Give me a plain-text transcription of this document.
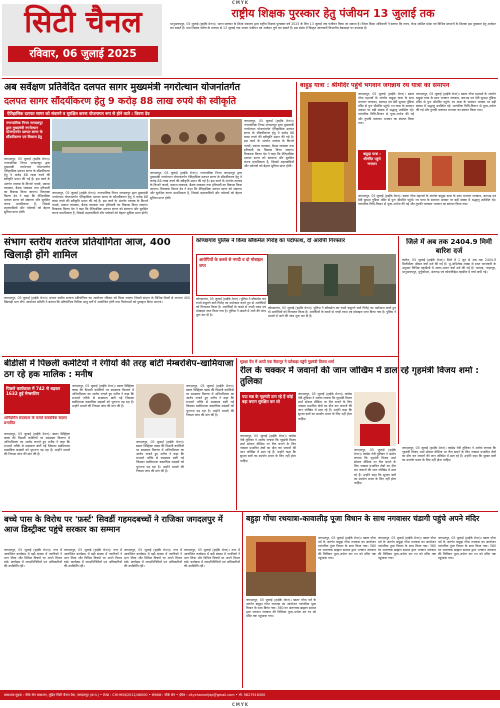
CMYK
सिटी चैनल
रविवार, 06 जुलाई 2025
राष्ट्रीय शिक्षक पुरस्कार हेतु पंजीयन 13 जुलाई तक
भानुप्रतापपुर, 05 जुलाई (हाईके मेनन)। भारत सरकार के शिक्षा मंत्रालय द्वारा राष्ट्रीय शिक्षक पुरस्कार वर्ष 2025 के लिए 13 जुलाई तक पंजीयन किया जा सकता है। जिला शिक्षा अधिकारी ने बताया कि राज्य, केन्द्र शासित प्रदेश एवं विभिन्न संगठनों के शिक्षक इस पुरस्कार हेतु आवेदन कर सकते हैं। पात्र शिक्षक पोर्टल के माध्यम से 13 जुलाई तक अपना पंजीयन एवं आवेदन पूर्ण कर सकते हैं। इस संबंध में विस्तृत जानकारी विभागीय वेबसाइट पर उपलब्ध है।
अब सर्वेक्षण प्रतिवेदित दलपत सागर मुख्यमंत्री नगरोत्थान योजनांतर्गत
दलपत सागर सौंदर्यीकरण हेतु 9 करोड़ 88 लाख रुपये की स्वीकृति
ऐतिहासिक दलपत सागर को संवारने व सुरक्षित करना योजनागत रूप से होने वाले : किरण देव
नगरपालिक निगम जगदलपुर द्वारा मुख्यमंत्री नगरोत्थान योजनांतर्गत दलपत सागर के सौंदर्यीकरण एवं विकास हेतु
जगदलपुर, 05 जुलाई (हाईके मेनन)। नगरपालिक निगम जगदलपुर द्वारा मुख्यमंत्री नगरोत्थान योजनांतर्गत ऐतिहासिक दलपत सागर के सौंदर्यीकरण हेतु 9 करोड़ 88 लाख रुपये की स्वीकृति प्रदान की गई है। इस कार्य के अंतर्गत तालाब के किनारे पाथवे, प्रकाश व्यवस्था, बैठक व्यवस्था तथा हरियाली का विकास किया जाएगा। विधायक किरण देव ने कहा कि ऐतिहासिक दलपत सागर को संवारना और सुरक्षित करना प्राथमिकता है, जिससे शहरवासियों और पर्यटकों को बेहतर सुविधा प्राप्त होगी।
जगदलपुर, 05 जुलाई (हाईके मेनन)। नगरपालिक निगम जगदलपुर द्वारा मुख्यमंत्री नगरोत्थान योजनांतर्गत ऐतिहासिक दलपत सागर के सौंदर्यीकरण हेतु 9 करोड़ 88 लाख रुपये की स्वीकृति प्रदान की गई है। इस कार्य के अंतर्गत तालाब के किनारे पाथवे, प्रकाश व्यवस्था, बैठक व्यवस्था तथा हरियाली का विकास किया जाएगा। विधायक किरण देव ने कहा कि ऐतिहासिक दलपत सागर को संवारना और सुरक्षित करना प्राथमिकता है, जिससे शहरवासियों और पर्यटकों को बेहतर सुविधा प्राप्त होगी।
जगदलपुर, 05 जुलाई (हाईके मेनन)। नगरपालिक निगम जगदलपुर द्वारा मुख्यमंत्री नगरोत्थान योजनांतर्गत ऐतिहासिक दलपत सागर के सौंदर्यीकरण हेतु 9 करोड़ 88 लाख रुपये की स्वीकृति प्रदान की गई है। इस कार्य के अंतर्गत तालाब के किनारे पाथवे, प्रकाश व्यवस्था, बैठक व्यवस्था तथा हरियाली का विकास किया जाएगा। विधायक किरण देव ने कहा कि ऐतिहासिक दलपत सागर को संवारना और सुरक्षित करना प्राथमिकता है, जिससे शहरवासियों और पर्यटकों को बेहतर सुविधा प्राप्त होगी।
जगदलपुर, 05 जुलाई (हाईके मेनन)। नगरपालिक निगम जगदलपुर द्वारा मुख्यमंत्री नगरोत्थान योजनांतर्गत ऐतिहासिक दलपत सागर के सौंदर्यीकरण हेतु 9 करोड़ 88 लाख रुपये की स्वीकृति प्रदान की गई है। इस कार्य के अंतर्गत तालाब के किनारे पाथवे, प्रकाश व्यवस्था, बैठक व्यवस्था तथा हरियाली का विकास किया जाएगा। विधायक किरण देव ने कहा कि ऐतिहासिक दलपत सागर को संवारना और सुरक्षित करना प्राथमिकता है, जिससे शहरवासियों और पर्यटकों को बेहतर सुविधा प्राप्त होगी।
बाहुड़ यात्रा : श्रीमंदिर पहुंचे भगवान जगन्नाथ रथ यात्रा का समापन
बाहुड़ा यात्रा : श्रीमंदिर पहुंचे भगवान
जगदलपुर, 05 जुलाई (हाईके मेनन)। बस्तर गोंचा महापर्व के अंतर्गत बाहुड़ा यात्रा के साथ भगवान जगन्नाथ, बलभद्र एवं देवी सुभद्रा गुंडिचा मंदिर से पुनः श्रीमंदिर पहुंचे। रथ यात्रा के समापन अवसर पर बड़ी संख्या में श्रद्धालु उपस्थित रहे। पारंपरिक विधि-विधान से पूजा-अर्चना की गई और तुपकी चलाकर भगवान का स्वागत किया गया।
जगदलपुर, 05 जुलाई (हाईके मेनन)। बस्तर गोंचा महापर्व के अंतर्गत बाहुड़ा यात्रा के साथ भगवान जगन्नाथ, बलभद्र एवं देवी सुभद्रा गुंडिचा मंदिर से पुनः श्रीमंदिर पहुंचे। रथ यात्रा के समापन अवसर पर बड़ी संख्या में श्रद्धालु उपस्थित रहे। पारंपरिक विधि-विधान से पूजा-अर्चना की गई और तुपकी चलाकर भगवान का स्वागत किया गया।
जगदलपुर, 05 जुलाई (हाईके मेनन)। बस्तर गोंचा महापर्व के अंतर्गत बाहुड़ा यात्रा के साथ भगवान जगन्नाथ, बलभद्र एवं देवी सुभद्रा गुंडिचा मंदिर से पुनः श्रीमंदिर पहुंचे। रथ यात्रा के समापन अवसर पर बड़ी संख्या में श्रद्धालु उपस्थित रहे। पारंपरिक विधि-विधान से पूजा-अर्चना की गई और तुपकी चलाकर भगवान का स्वागत किया गया।
संभाग स्तरीय शतरंज प्रतियोगिता आज, 400 खिलाड़ी होंगे शामिल
जगदलपुर, 05 जुलाई (हाईके मेनन)। संभाग स्तरीय शतरंज प्रतियोगिता का आयोजन रविवार को किया जाएगा जिसमें संभाग के विभिन्न जिलों से लगभग 400 खिलाड़ी भाग लेंगे। आयोजन समिति ने बताया कि प्रतियोगिता विभिन्न आयु वर्गों में आयोजित होगी तथा विजेताओं को पुरस्कृत किया जाएगा।
कोण्डागांव पुलिस ने किया ब्लैकमेल गिरोह का पर्दाफाश, दो आरोपी गिरफ्तार
आरोपियों के कब्जे से नगदी व दो मोबाइल जप्त
कोण्डागांव, 05 जुलाई (हाईके मेनन)। पुलिस ने ब्लैकमेल कर रुपये वसूलने वाले गिरोह का पर्दाफाश करते हुए दो आरोपियों को गिरफ्तार किया है। आरोपियों के कब्जे से नगदी रकम एवं मोबाइल जप्त किया गया है। पुलिस ने मामले में आगे की जांच शुरू कर दी है।
कोण्डागांव, 05 जुलाई (हाईके मेनन)। पुलिस ने ब्लैकमेल कर रुपये वसूलने वाले गिरोह का पर्दाफाश करते हुए दो आरोपियों को गिरफ्तार किया है। आरोपियों के कब्जे से नगदी रकम एवं मोबाइल जप्त किया गया है। पुलिस ने मामले में आगे की जांच शुरू कर दी है।
जिले में अब तक 2404.9 मिमी बारिश दर्ज
कांकेर, 05 जुलाई (हाईके मेनन)। जिले में 1 जून से अब तक 2404.9 मिलीमीटर औसत वर्षा दर्ज की गई है। भू-अभिलेख शाखा से प्राप्त जानकारी के अनुसार विभिन्न तहसीलों में अलग-अलग वर्षा दर्ज की गई है। चारामा, नरहरपुर, भानुप्रतापपुर, दुर्गूकोंदल, अंतागढ़ एवं कोयलीबेड़ा तहसील में वर्षा मापी गई।
बीडीसी में पिछली कमेटियों ने रंगीयों की तरह बांटी मेम्बरशिप-खामियाजा ठग रहे हक मालिक : मनीष
पिछले कार्यकाल में 742 से बढ़कर 1632 हुई मेम्बरशिप
अनियमित सदस्यता के चलते वास्तविक सदस्य प्रभावित
जगदलपुर, 05 जुलाई (हाईके मेनन)। बस्तर डिस्ट्रिक्ट क्लब की पिछली कमेटियों पर सदस्यता वितरण में अनियमितता का आरोप लगाते हुए मनीष ने कहा कि मनमाने तरीके से सदस्यता बांटी गई जिसका खामियाजा वास्तविक सदस्यों को भुगतना पड़ रहा है। उन्होंने मामले की निष्पक्ष जांच की मांग की है।
जगदलपुर, 05 जुलाई (हाईके मेनन)। बस्तर डिस्ट्रिक्ट क्लब की पिछली कमेटियों पर सदस्यता वितरण में अनियमितता का आरोप लगाते हुए मनीष ने कहा कि मनमाने तरीके से सदस्यता बांटी गई जिसका खामियाजा वास्तविक सदस्यों को भुगतना पड़ रहा है। उन्होंने मामले की निष्पक्ष जांच की मांग की है।
जगदलपुर, 05 जुलाई (हाईके मेनन)। बस्तर डिस्ट्रिक्ट क्लब की पिछली कमेटियों पर सदस्यता वितरण में अनियमितता का आरोप लगाते हुए मनीष ने कहा कि मनमाने तरीके से सदस्यता बांटी गई जिसका खामियाजा वास्तविक सदस्यों को भुगतना पड़ रहा है। उन्होंने मामले की निष्पक्ष जांच की मांग की है।
जगदलपुर, 05 जुलाई (हाईके मेनन)। बस्तर डिस्ट्रिक्ट क्लब की पिछली कमेटियों पर सदस्यता वितरण में अनियमितता का आरोप लगाते हुए मनीष ने कहा कि मनमाने तरीके से सदस्यता बांटी गई जिसका खामियाजा वास्तविक सदस्यों को भुगतना पड़ रहा है। उन्होंने मामले की निष्पक्ष जांच की मांग की है।
सुरक्षा पेंच में आयी एक सैलानुर ने दलेबाड़ा पहुंचे गुहमंत्री विजय शर्मा
रील के चक्कर में जवानों की जान जोखिम में डाल रहे गृहमंत्री विजय शर्मा : तुलिका
यदा सब्र के गृहमंत्री ठान रहे हैं कोई बड़ा बयान सुरक्षित कर लो
जगदलपुर, 05 जुलाई (हाईके मेनन)। कांग्रेस नेत्री तुलिका ने आरोप लगाया कि गृहमंत्री विजय शर्मा सोशल मीडिया पर रील बनाने के लिए नक्सल प्रभावित क्षेत्रों का दौरा कर जवानों की जान जोखिम में डाल रहे हैं। उन्होंने कहा कि सुरक्षा बलों का उपयोग प्रचार के लिए नहीं होना चाहिए।
जगदलपुर, 05 जुलाई (हाईके मेनन)। कांग्रेस नेत्री तुलिका ने आरोप लगाया कि गृहमंत्री विजय शर्मा सोशल मीडिया पर रील बनाने के लिए नक्सल प्रभावित क्षेत्रों का दौरा कर जवानों की जान जोखिम में डाल रहे हैं। उन्होंने कहा कि सुरक्षा बलों का उपयोग प्रचार के लिए नहीं होना चाहिए।
जगदलपुर, 05 जुलाई (हाईके मेनन)। कांग्रेस नेत्री तुलिका ने आरोप लगाया कि गृहमंत्री विजय शर्मा सोशल मीडिया पर रील बनाने के लिए नक्सल प्रभावित क्षेत्रों का दौरा कर जवानों की जान जोखिम में डाल रहे हैं। उन्होंने कहा कि सुरक्षा बलों का उपयोग प्रचार के लिए नहीं होना चाहिए।
जगदलपुर, 05 जुलाई (हाईके मेनन)। कांग्रेस नेत्री तुलिका ने आरोप लगाया कि गृहमंत्री विजय शर्मा सोशल मीडिया पर रील बनाने के लिए नक्सल प्रभावित क्षेत्रों का दौरा कर जवानों की जान जोखिम में डाल रहे हैं। उन्होंने कहा कि सुरक्षा बलों का उपयोग प्रचार के लिए नहीं होना चाहिए।
बच्चे पास के विरोध पर 'फ़र्स्ट' सिवर्डी गहमदबच्चों ने राजिका जगदलपुर में आज डिस्ट्रीक्ट पहुंचे सरकार का सम्मान
जगदलपुर, 05 जुलाई (हाईके मेनन)। नगर में आयोजित कार्यक्रम में बड़ी संख्या में नागरिकों ने भाग लिया और विभिन्न विषयों पर अपने विचार रखे। कार्यक्रम में जनप्रतिनिधियों एवं अधिकारियों की उपस्थिति रही।
जगदलपुर, 05 जुलाई (हाईके मेनन)। नगर में आयोजित कार्यक्रम में बड़ी संख्या में नागरिकों ने भाग लिया और विभिन्न विषयों पर अपने विचार रखे। कार्यक्रम में जनप्रतिनिधियों एवं अधिकारियों की उपस्थिति रही।
जगदलपुर, 05 जुलाई (हाईके मेनन)। नगर में आयोजित कार्यक्रम में बड़ी संख्या में नागरिकों ने भाग लिया और विभिन्न विषयों पर अपने विचार रखे। कार्यक्रम में जनप्रतिनिधियों एवं अधिकारियों की उपस्थिति रही।
जगदलपुर, 05 जुलाई (हाईके मेनन)। नगर में आयोजित कार्यक्रम में बड़ी संख्या में नागरिकों ने भाग लिया और विभिन्न विषयों पर अपने विचार रखे। कार्यक्रम में जनप्रतिनिधियों एवं अधिकारियों की उपस्थिति रही।
बहुड़ा गोंचा रथयात्रा-कावालीड़ पूजा विधान के साथ नगवासर चंडागी पहुंचे अपने मंदिर
जगदलपुर, 05 जुलाई (हाईके मेनन)। बस्तर गोंचा पर्व के अंतर्गत बाहुड़ा गोंचा रथयात्रा का आयोजन पारंपरिक पूजा विधान के साथ किया गया। 360 घर आरण्यक ब्राह्मण समाज द्वारा भगवान जगन्नाथ की विधिवत पूजा-अर्चना कर रथ को मंदिर तक पहुंचाया गया।
जगदलपुर, 05 जुलाई (हाईके मेनन)। बस्तर गोंचा पर्व के अंतर्गत बाहुड़ा गोंचा रथयात्रा का आयोजन पारंपरिक पूजा विधान के साथ किया गया। 360 घर आरण्यक ब्राह्मण समाज द्वारा भगवान जगन्नाथ की विधिवत पूजा-अर्चना कर रथ को मंदिर तक पहुंचाया गया।
जगदलपुर, 05 जुलाई (हाईके मेनन)। बस्तर गोंचा पर्व के अंतर्गत बाहुड़ा गोंचा रथयात्रा का आयोजन पारंपरिक पूजा विधान के साथ किया गया। 360 घर आरण्यक ब्राह्मण समाज द्वारा भगवान जगन्नाथ की विधिवत पूजा-अर्चना कर रथ को मंदिर तक पहुंचाया गया।
जगदलपुर, 05 जुलाई (हाईके मेनन)। बस्तर गोंचा पर्व के अंतर्गत बाहुड़ा गोंचा रथयात्रा का आयोजन पारंपरिक पूजा विधान के साथ किया गया। 360 घर आरण्यक ब्राह्मण समाज द्वारा भगवान जगन्नाथ की विधिवत पूजा-अर्चना कर रथ को मंदिर तक पहुंचाया गया।
प्रकाशक मुद्रक : पीके सेन प्रकाशन, मुद्रित सिटी चैनल प्रेस, जगदलपुर (छ.ग.) • RNI : CHHHIN/2012/46000 • संपादक : पीके सेन • ईमेल : citychanneljdp@gmail.com • मो. 9827916300
CMYK
